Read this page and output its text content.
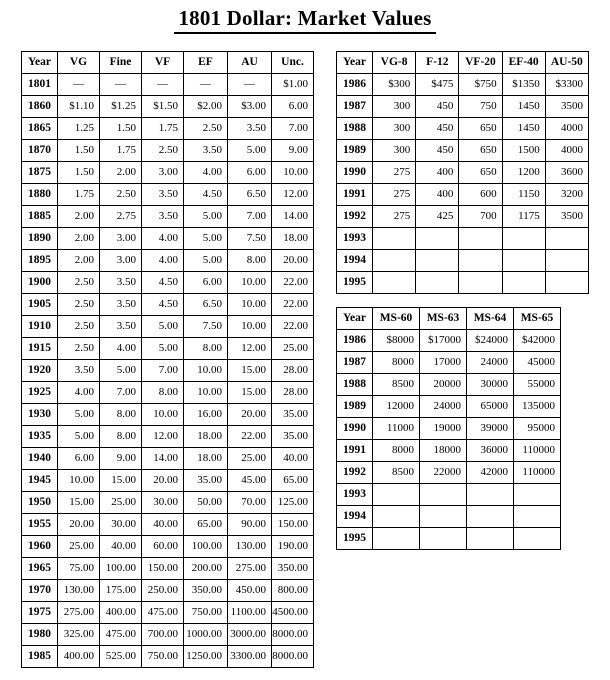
1801 Dollar: Market Values
Year	VG	Fine	VF	EF	AU	Unc.
1801	—	—	—	—	—	$1.00
1860	$1.10	$1.25	$1.50	$2.00	$3.00	6.00
1865	1.25	1.50	1.75	2.50	3.50	7.00
1870	1.50	1.75	2.50	3.50	5.00	9.00
1875	1.50	2.00	3.00	4.00	6.00	10.00
1880	1.75	2.50	3.50	4.50	6.50	12.00
1885	2.00	2.75	3.50	5.00	7.00	14.00
1890	2.00	3.00	4.00	5.00	7.50	18.00
1895	2.00	3.00	4.00	5.00	8.00	20.00
1900	2.50	3.50	4.50	6.00	10.00	22.00
1905	2.50	3.50	4.50	6.50	10.00	22.00
1910	2.50	3.50	5.00	7.50	10.00	22.00
1915	2.50	4.00	5.00	8.00	12.00	25.00
1920	3.50	5.00	7.00	10.00	15.00	28.00
1925	4.00	7.00	8.00	10.00	15.00	28.00
1930	5.00	8.00	10.00	16.00	20.00	35.00
1935	5.00	8.00	12.00	18.00	22.00	35.00
1940	6.00	9.00	14.00	18.00	25.00	40.00
1945	10.00	15.00	20.00	35.00	45.00	65.00
1950	15.00	25.00	30.00	50.00	70.00	125.00
1955	20.00	30.00	40.00	65.00	90.00	150.00
1960	25.00	40.00	60.00	100.00	130.00	190.00
1965	75.00	100.00	150.00	200.00	275.00	350.00
1970	130.00	175.00	250.00	350.00	450.00	800.00
1975	275.00	400.00	475.00	750.00	1100.00	4500.00
1980	325.00	475.00	700.00	1000.00	3000.00	8000.00
1985	400.00	525.00	750.00	1250.00	3300.00	8000.00
Year	VG-8	F-12	VF-20	EF-40	AU-50
1986	$300	$475	$750	$1350	$3300
1987	300	450	750	1450	3500
1988	300	450	650	1450	4000
1989	300	450	650	1500	4000
1990	275	400	650	1200	3600
1991	275	400	600	1150	3200
1992	275	425	700	1175	3500
1993					
1994					
1995					
Year	MS-60	MS-63	MS-64	MS-65
1986	$8000	$17000	$24000	$42000
1987	8000	17000	24000	45000
1988	8500	20000	30000	55000
1989	12000	24000	65000	135000
1990	11000	19000	39000	95000
1991	8000	18000	36000	110000
1992	8500	22000	42000	110000
1993				
1994				
1995				
